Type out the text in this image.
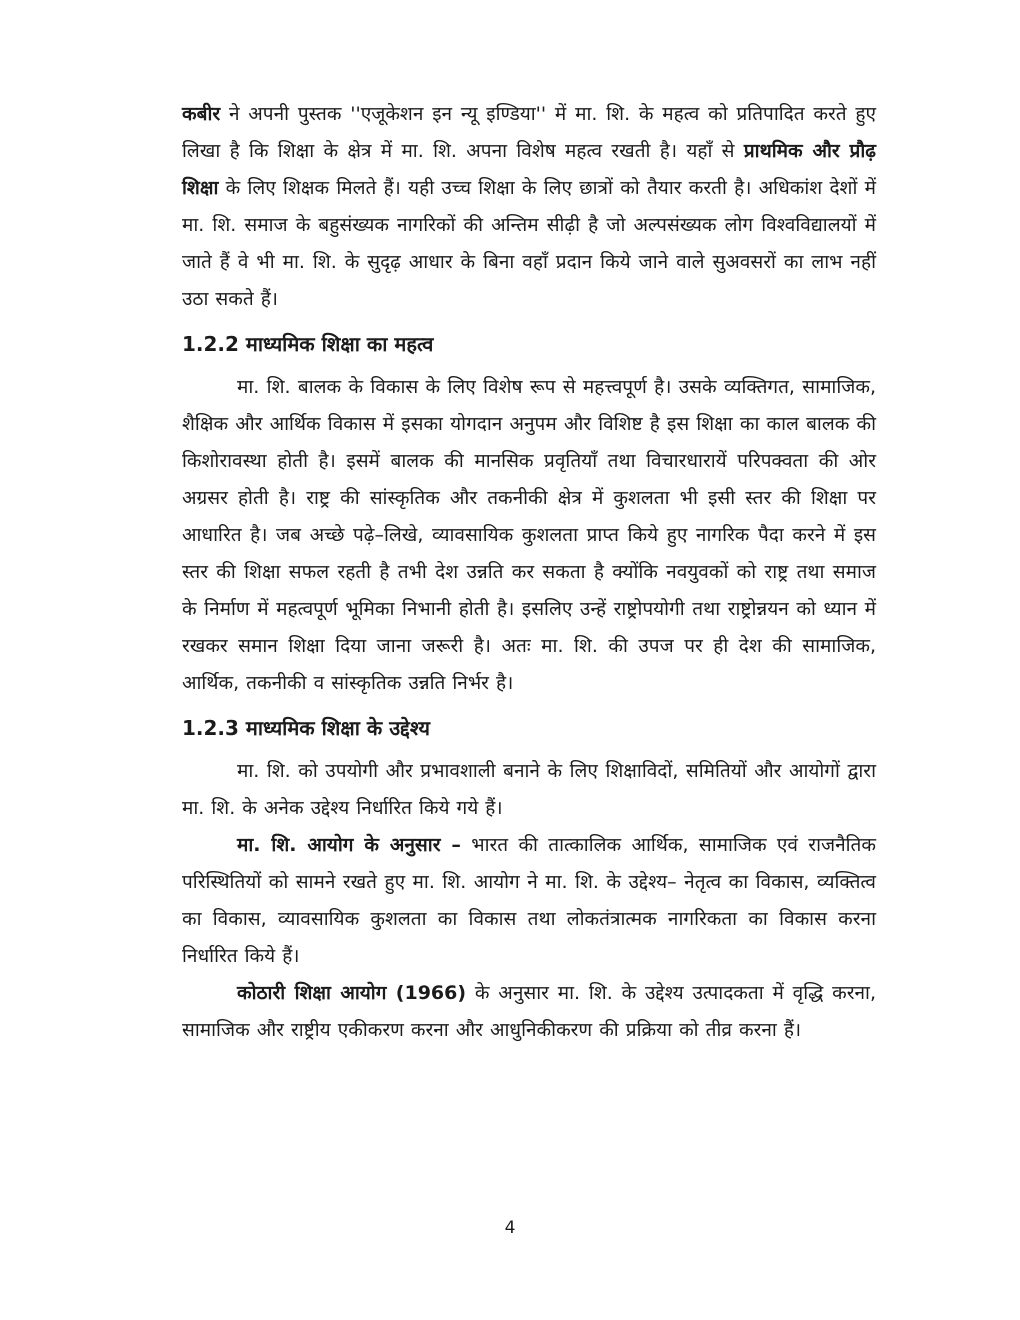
कबीर ने अपनी पुस्तक ''एजूकेशन इन न्यू इण्डिया'' में मा. शि. के महत्व को प्रतिपादित करते हुए लिखा है कि शिक्षा के क्षेत्र में मा. शि. अपना विशेष महत्व रखती है। यहाँ से प्राथमिक और प्रौढ़ शिक्षा के लिए शिक्षक मिलते हैं। यही उच्च शिक्षा के लिए छात्रों को तैयार करती है। अधिकांश देशों में मा. शि. समाज के बहुसंख्यक नागरिकों की अन्तिम सीढ़ी है जो अल्पसंख्यक लोग विश्वविद्यालयों में जाते हैं वे भी मा. शि. के सुदृढ़ आधार के बिना वहाँ प्रदान किये जाने वाले सुअवसरों का लाभ नहीं उठा सकते हैं।

1.2.2 माध्यमिक शिक्षा का महत्व

मा. शि. बालक के विकास के लिए विशेष रूप से महत्त्वपूर्ण है। उसके व्यक्तिगत, सामाजिक, शैक्षिक और आर्थिक विकास में इसका योगदान अनुपम और विशिष्ट है इस शिक्षा का काल बालक की किशोरावस्था होती है। इसमें बालक की मानसिक प्रवृतियाँ तथा विचारधारायें परिपक्वता की ओर अग्रसर होती है। राष्ट्र की सांस्कृतिक और तकनीकी क्षेत्र में कुशलता भी इसी स्तर की शिक्षा पर आधारित है। जब अच्छे पढ़े–लिखे, व्यावसायिक कुशलता प्राप्त किये हुए नागरिक पैदा करने में इस स्तर की शिक्षा सफल रहती है तभी देश उन्नति कर सकता है क्योंकि नवयुवकों को राष्ट्र तथा समाज के निर्माण में महत्वपूर्ण भूमिका निभानी होती है। इसलिए उन्हें राष्ट्रोपयोगी तथा राष्ट्रोन्नयन को ध्यान में रखकर समान शिक्षा दिया जाना जरूरी है। अतः मा. शि. की उपज पर ही देश की सामाजिक, आर्थिक, तकनीकी व सांस्कृतिक उन्नति निर्भर है।

1.2.3 माध्यमिक शिक्षा के उद्देश्य

मा. शि. को उपयोगी और प्रभावशाली बनाने के लिए शिक्षाविदों, समितियों और आयोगों द्वारा मा. शि. के अनेक उद्देश्य निर्धारित किये गये हैं।

मा. शि. आयोग के अनुसार – भारत की तात्कालिक आर्थिक, सामाजिक एवं राजनैतिक परिस्थितियों को सामने रखते हुए मा. शि. आयोग ने मा. शि. के उद्देश्य– नेतृत्व का विकास, व्यक्तित्व का विकास, व्यावसायिक कुशलता का विकास तथा लोकतंत्रात्मक नागरिकता का विकास करना निर्धारित किये हैं।

कोठारी शिक्षा आयोग (1966) के अनुसार मा. शि. के उद्देश्य उत्पादकता में वृद्धि करना, सामाजिक और राष्ट्रीय एकीकरण करना और आधुनिकीकरण की प्रक्रिया को तीव्र करना हैं।

4
